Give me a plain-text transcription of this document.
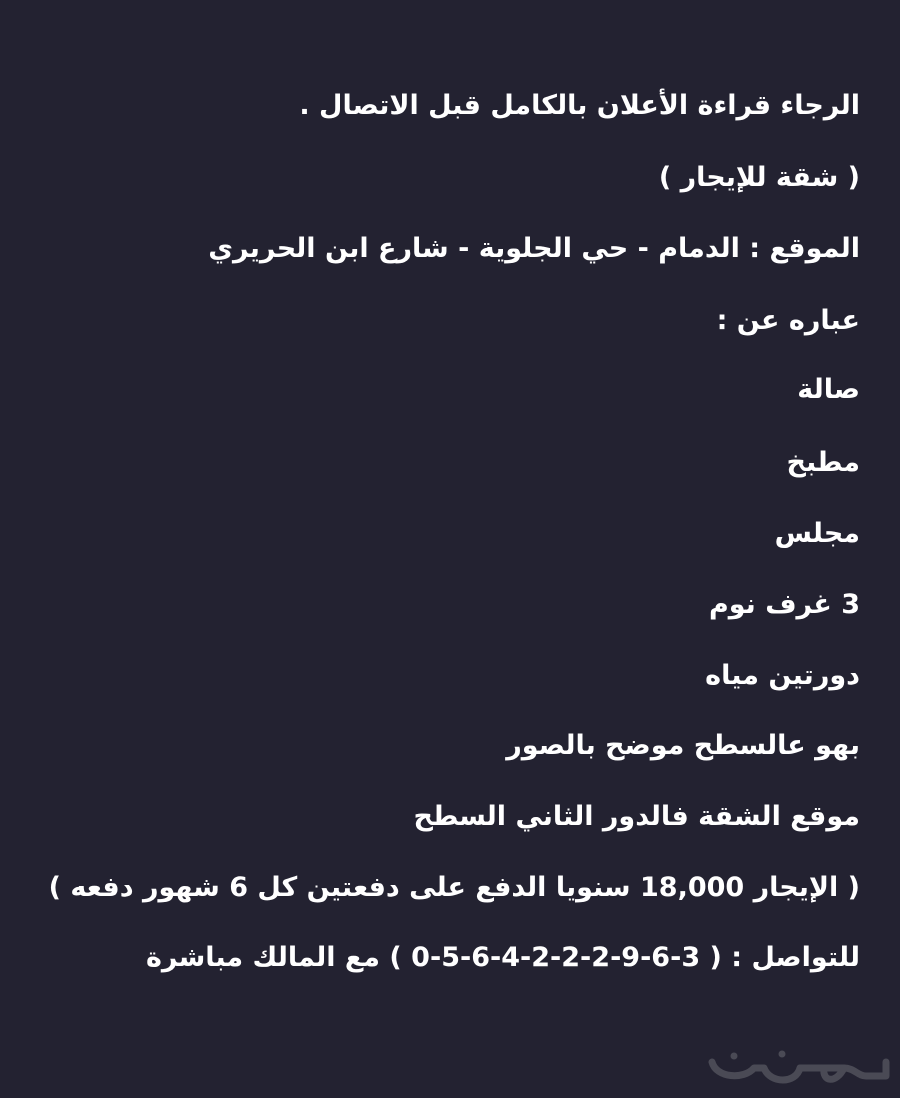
الرجاء قراءة الأعلان بالكامل قبل الاتصال .
( شقة للإيجار )
الموقع : الدمام - حي الجلوية - شارع ابن الحريري
عباره عن :
صالة
مطبخ
مجلس
3 غرف نوم
دورتين مياه
بهو عالسطح موضح بالصور
موقع الشقة فالدور الثاني السطح
( الإيجار 18,000 سنويا الدفع على دفعتين كل 6 شهور دفعه )
للتواصل : ( 3-6-9-2-2-2-4-6-5-0 ) مع المالك مباشرة
